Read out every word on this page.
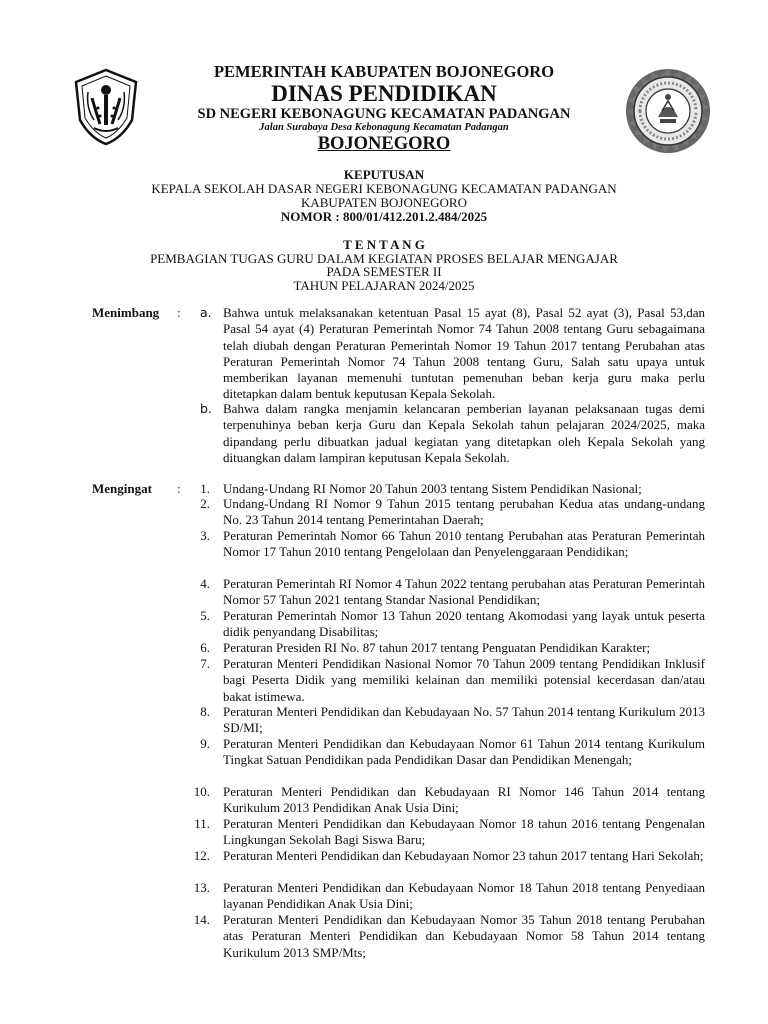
PEMERINTAH KABUPATEN BOJONEGORO
DINAS PENDIDIKAN
SD NEGERI KEBONAGUNG KECAMATAN PADANGAN
Jalan Surabaya Desa Kebonagung Kecamatan Padangan
BOJONEGORO
KEPUTUSAN
KEPALA SEKOLAH DASAR NEGERI KEBONAGUNG KECAMATAN PADANGAN
KABUPATEN BOJONEGORO
NOMOR : 800/01/412.201.2.484/2025
T E N T A N G
PEMBAGIAN TUGAS GURU DALAM KEGIATAN PROSES BELAJAR MENGAJAR
PADA SEMESTER II
TAHUN PELAJARAN 2024/2025
Menimbang : a. Bahwa untuk melaksanakan ketentuan Pasal 15 ayat (8), Pasal 52 ayat (3), Pasal 53,dan Pasal 54 ayat (4) Peraturan Pemerintah Nomor 74 Tahun 2008 tentang Guru sebagaimana telah diubah dengan Peraturan Pemerintah Nomor 19 Tahun 2017 tentang Perubahan atas Peraturan Pemerintah Nomor 74 Tahun 2008 tentang Guru, Salah satu upaya untuk memberikan layanan memenuhi tuntutan pemenuhan beban kerja guru maka perlu ditetapkan dalam bentuk keputusan Kepala Sekolah.
b. Bahwa dalam rangka menjamin kelancaran pemberian layanan pelaksanaan tugas demi terpenuhinya beban kerja Guru dan Kepala Sekolah tahun pelajaran 2024/2025, maka dipandang perlu dibuatkan jadual kegiatan yang ditetapkan oleh Kepala Sekolah yang dituangkan dalam lampiran keputusan Kepala Sekolah.
Mengingat :	1. Undang-Undang RI Nomor 20 Tahun 2003 tentang Sistem Pendidikan Nasional;
2. Undang-Undang RI Nomor 9 Tahun 2015 tentang perubahan Kedua atas undang-undang No. 23 Tahun 2014 tentang Pemerintahan Daerah;
3. Peraturan Pemerintah Nomor 66 Tahun 2010 tentang Perubahan atas Peraturan Pemerintah Nomor 17 Tahun 2010 tentang Pengelolaan dan Penyelenggaraan Pendidikan;
4. Peraturan Pemerintah RI Nomor 4 Tahun 2022 tentang perubahan atas Peraturan Pemerintah Nomor 57 Tahun 2021 tentang Standar Nasional Pendidikan;
5. Peraturan Pemerintah Nomor 13 Tahun 2020 tentang Akomodasi yang layak untuk peserta didik penyandang Disabilitas;
6. Peraturan Presiden RI No. 87 tahun 2017 tentang Penguatan Pendidikan Karakter;
7. Peraturan Menteri Pendidikan Nasional Nomor 70 Tahun 2009 tentang Pendidikan Inklusif bagi Peserta Didik yang memiliki kelainan dan memiliki potensial kecerdasan dan/atau bakat istimewa.
8. Peraturan Menteri Pendidikan dan Kebudayaan No. 57 Tahun 2014 tentang Kurikulum 2013 SD/MI;
9. Peraturan Menteri Pendidikan dan Kebudayaan Nomor 61 Tahun 2014 tentang Kurikulum Tingkat Satuan Pendidikan pada Pendidikan Dasar dan Pendidikan Menengah;
10. Peraturan Menteri Pendidikan dan Kebudayaan RI Nomor 146 Tahun 2014 tentang Kurikulum 2013 Pendidikan Anak Usia Dini;
11. Peraturan Menteri Pendidikan dan Kebudayaan Nomor 18 tahun 2016 tentang Pengenalan Lingkungan Sekolah Bagi Siswa Baru;
12. Peraturan Menteri Pendidikan dan Kebudayaan Nomor 23 tahun 2017 tentang Hari Sekolah;
13. Peraturan Menteri Pendidikan dan Kebudayaan Nomor 18 Tahun 2018 tentang Penyediaan layanan Pendidikan Anak Usia Dini;
14. Peraturan Menteri Pendidikan dan Kebudayaan Nomor 35 Tahun 2018 tentang Perubahan atas Peraturan Menteri Pendidikan dan Kebudayaan Nomor 58 Tahun 2014 tentang Kurikulum 2013 SMP/Mts;
